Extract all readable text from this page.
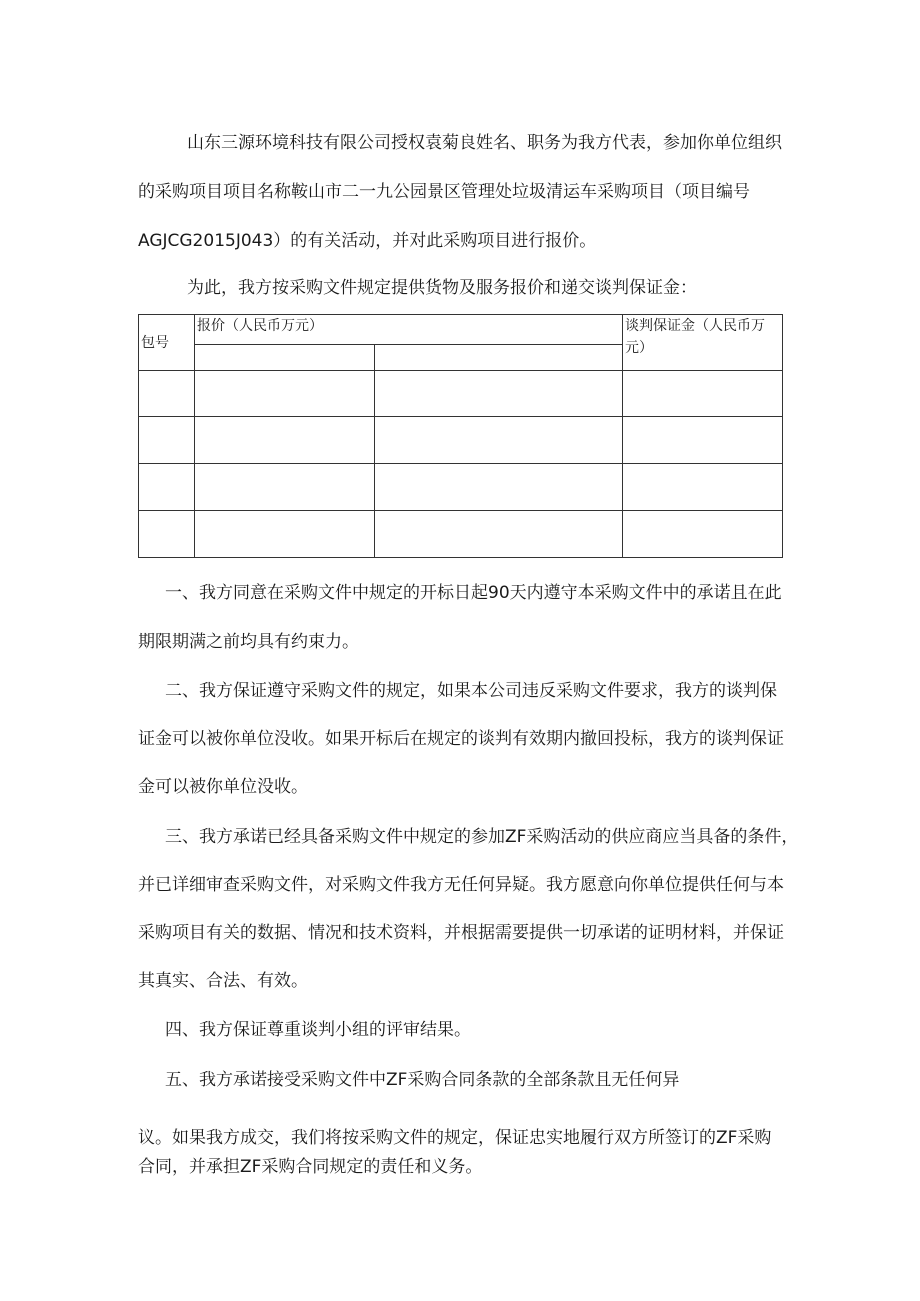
山东三源环境科技有限公司授权袁菊良姓名、职务为我方代表，参加你单位组织

的采购项目项目名称鞍山市二一九公园景区管理处垃圾清运车采购项目（项目编号

AGJCG2015J043）的有关活动，并对此采购项目进行报价。

为此，我方按采购文件规定提供货物及服务报价和递交谈判保证金：

包号	报价（人民币万元）		谈判保证金（人民币万
元）

一、我方同意在采购文件中规定的开标日起90天内遵守本采购文件中的承诺且在此

期限期满之前均具有约束力。

二、我方保证遵守采购文件的规定，如果本公司违反采购文件要求，我方的谈判保

证金可以被你单位没收。如果开标后在规定的谈判有效期内撤回投标，我方的谈判保证

金可以被你单位没收。

三、我方承诺已经具备采购文件中规定的参加ZF采购活动的供应商应当具备的条件，

并已详细审查采购文件，对采购文件我方无任何异疑。我方愿意向你单位提供任何与本

采购项目有关的数据、情况和技术资料，并根据需要提供一切承诺的证明材料，并保证

其真实、合法、有效。

四、我方保证尊重谈判小组的评审结果。

五、我方承诺接受采购文件中ZF采购合同条款的全部条款且无任何异

议。如果我方成交，我们将按采购文件的规定，保证忠实地履行双方所签订的ZF采购

合同，并承担ZF采购合同规定的责任和义务。
